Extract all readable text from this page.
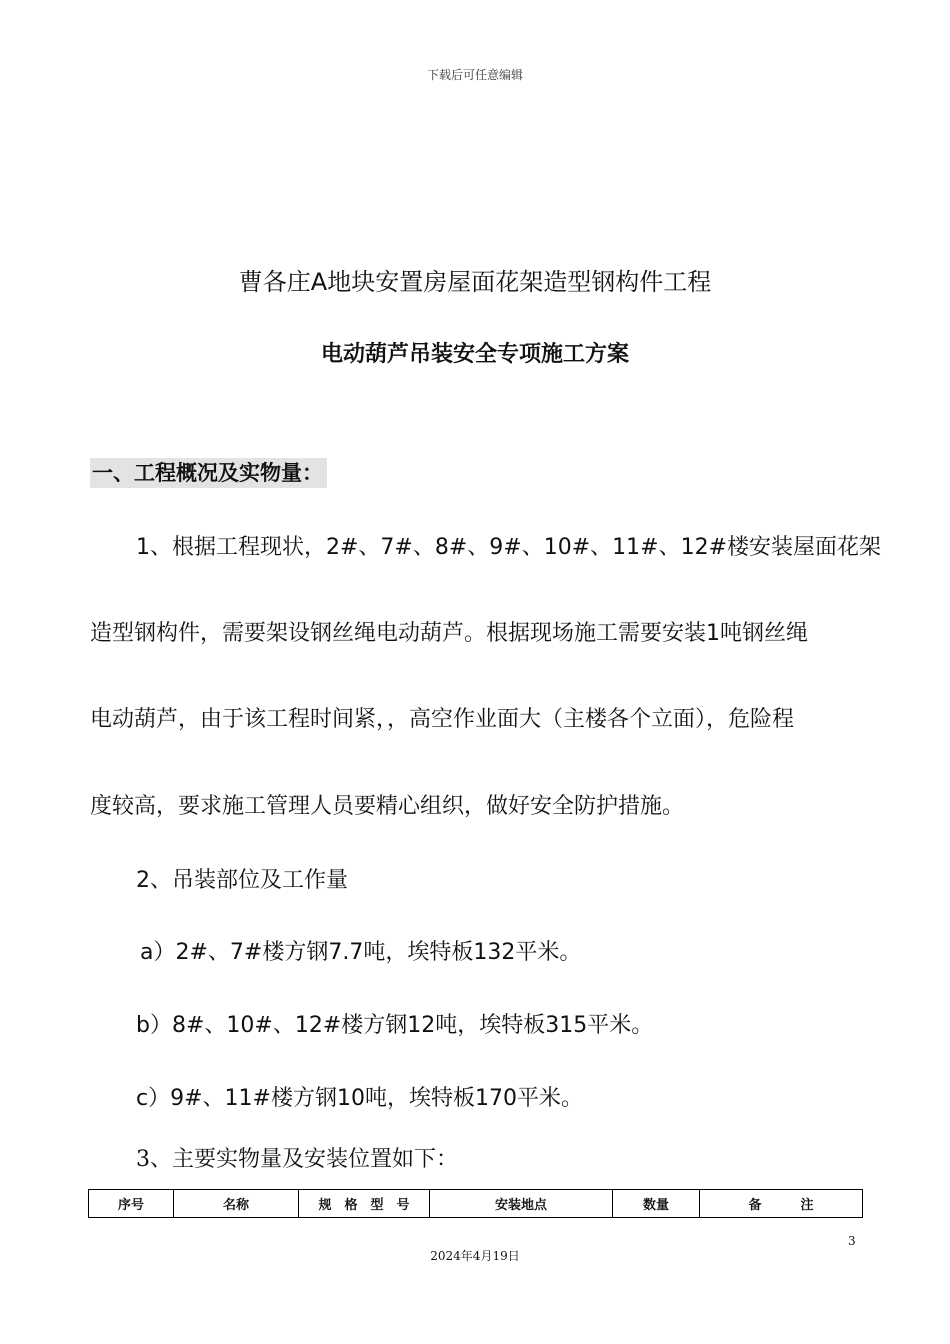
下载后可任意编辑
曹各庄A地块安置房屋面花架造型钢构件工程
电动葫芦吊装安全专项施工方案
一、工程概况及实物量：
1、根据工程现状，2#、7#、8#、9#、10#、11#、12#楼安装屋面花架
造型钢构件，需要架设钢丝绳电动葫芦。根据现场施工需要安装1吨钢丝绳
电动葫芦，由于该工程时间紧，，高空作业面大（主楼各个立面），危险程
度较高，要求施工管理人员要精心组织，做好安全防护措施。
2、吊装部位及工作量
a）2#、7#楼方钢7.7吨，埃特板132平米。
b）8#、10#、12#楼方钢12吨，埃特板315平米。
c）9#、11#楼方钢10吨，埃特板170平米。
3、主要实物量及安装位置如下：
序号	名称	规　格　型　号	安装地点	数量	备　　　注
3
2024年4月19日
